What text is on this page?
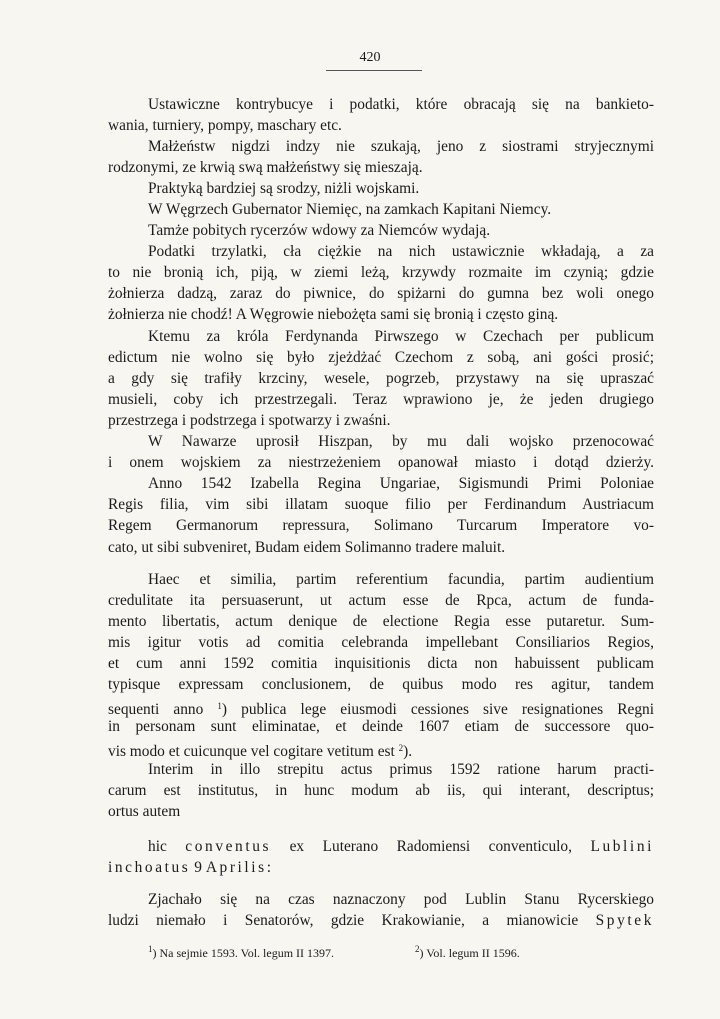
420
Ustawiczne kontrybucye i podatki, które obracają się na bankieto-
wania, turniery, pompy, maschary etc.
Małżeństw nigdzi indzy nie szukają, jeno z siostrami stryjecznymi
rodzonymi, ze krwią swą małżeństwy się mieszają.
Praktyką bardziej są srodzy, niżli wojskami.
W Węgrzech Gubernator Niemięc, na zamkach Kapitani Niemcy.
Tamże pobitych rycerzów wdowy za Niemców wydają.
Podatki trzylatki, cła ciężkie na nich ustawicznie wkładają, a za
to nie bronią ich, piją, w ziemi leżą, krzywdy rozmaite im czynią; gdzie
żołnierza dadzą, zaraz do piwnice, do spiżarni do gumna bez woli onego
żołnierza nie chodź! A Węgrowie niebożęta sami się bronią i często giną.
Ktemu za króla Ferdynanda Pirwszego w Czechach per publicum
edictum nie wolno się było zjeżdżać Czechom z sobą, ani gości prosić;
a gdy się trafiły krzciny, wesele, pogrzeb, przystawy na się upraszać
musieli, coby ich przestrzegali. Teraz wprawiono je, że jeden drugiego
przestrzega i podstrzega i spotwarzy i zwaśni.
W Nawarze uprosił Hiszpan, by mu dali wojsko przenocować
i onem wojskiem za niestrzeżeniem opanował miasto i dotąd dzierży.
Anno 1542 Izabella Regina Ungariae, Sigismundi Primi Poloniae
Regis filia, vim sibi illatam suoque filio per Ferdinandum Austriacum
Regem Germanorum repressura, Solimano Turcarum Imperatore vo-
cato, ut sibi subveniret, Budam eidem Solimanno tradere maluit.
Haec et similia, partim referentium facundia, partim audientium
credulitate ita persuaserunt, ut actum esse de Rpca, actum de funda-
mento libertatis, actum denique de electione Regia esse putaretur. Sum-
mis igitur votis ad comitia celebranda impellebant Consiliarios Regios,
et cum anni 1592 comitia inquisitionis dicta non habuissent publicam
typisque expressam conclusionem, de quibus modo res agitur, tandem
sequenti anno $^1$) publica lege eiusmodi cessiones sive resignationes Regni
in personam sunt eliminatae, et deinde 1607 etiam de successore quo-
vis modo et cuicunque vel cogitare vetitum est $^2$).
Interim in illo strepitu actus primus 1592 ratione harum practi-
carum est institutus, in hunc modum ab iis, qui interant, descriptus;
ortus autem
hic conventus ex Luterano Radomiensi conventiculo, Lublini
inchoatus 9 Aprilis:
Zjachało się na czas naznaczony pod Lublin Stanu Rycerskiego
ludzi niemało i Senatorów, gdzie Krakowianie, a mianowicie Spytek
$^1$) Na sejmie 1593. Vol. legum II 1397.	$^2$) Vol. legum II 1596.
